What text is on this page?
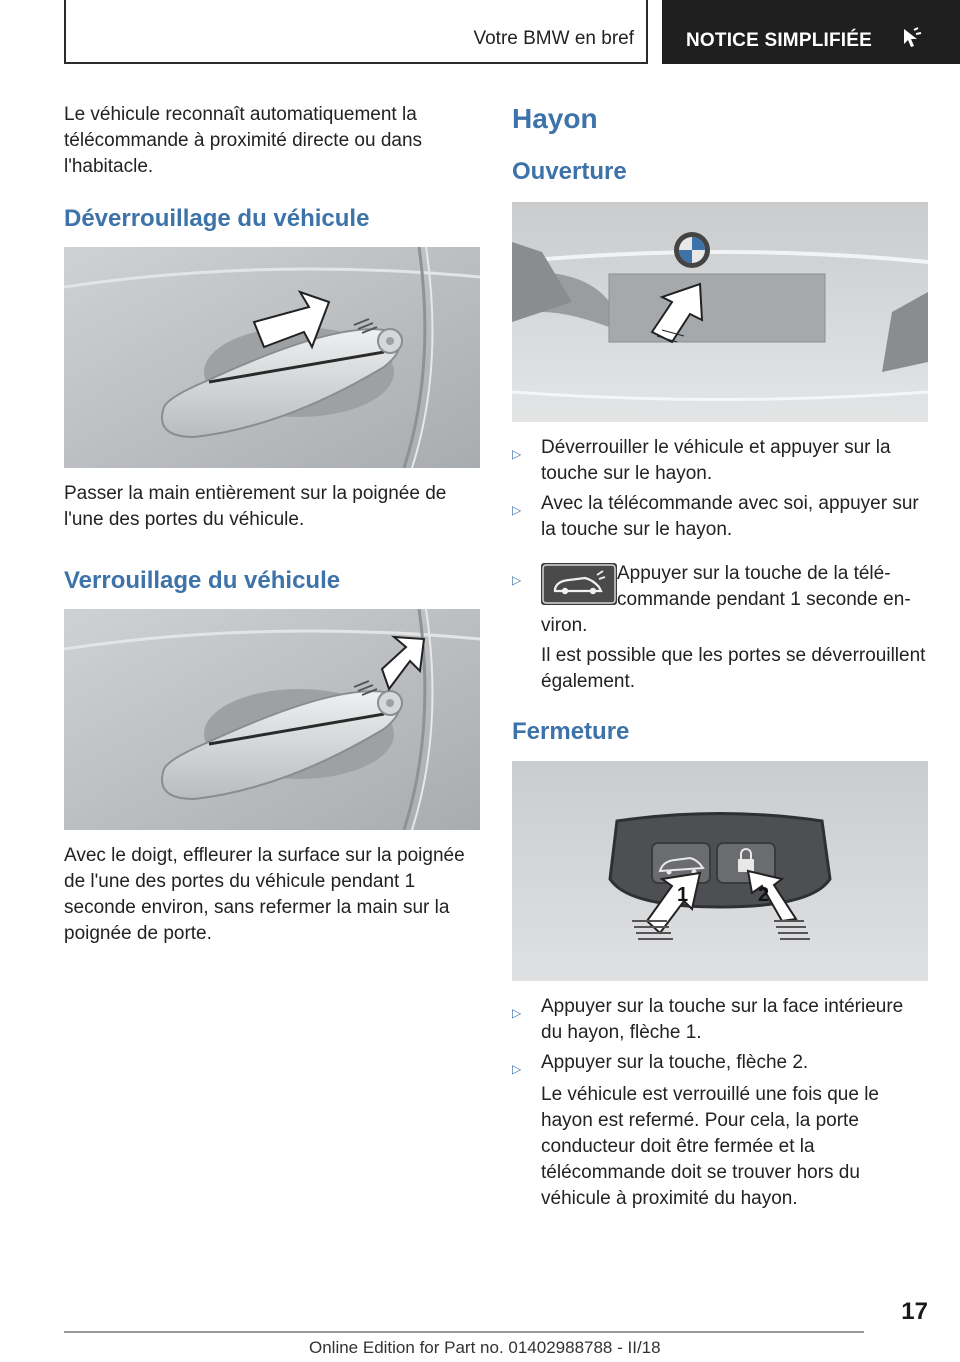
Votre BMW en bref	NOTICE SIMPLIFIÉE
Le véhicule reconnaît automatiquement la télécommande à proximité directe ou dans l'habitacle.
Déverrouillage du véhicule
Passer la main entièrement sur la poignée de l'une des portes du véhicule.
Verrouillage du véhicule
Avec le doigt, effleurer la surface sur la poignée de l'une des portes du véhicule pendant 1 seconde environ, sans refermer la main sur la poignée de porte.
Hayon
Ouverture
▷ Déverrouiller le véhicule et appuyer sur la touche sur le hayon.
▷ Avec la télécommande avec soi, appuyer sur la touche sur le hayon.
▷	Appuyer sur la touche de la télé-
commande pendant 1 seconde en-
viron.
Il est possible que les portes se déverrouillent également.
Fermeture
1	2
▷ Appuyer sur la touche sur la face intérieure du hayon, flèche 1.
▷ Appuyer sur la touche, flèche 2.
Le véhicule est verrouillé une fois que le hayon est refermé. Pour cela, la porte conducteur doit être fermée et la télécommande doit se trouver hors du véhicule à proximité du hayon.
17
Online Edition for Part no. 01402988788 - II/18
